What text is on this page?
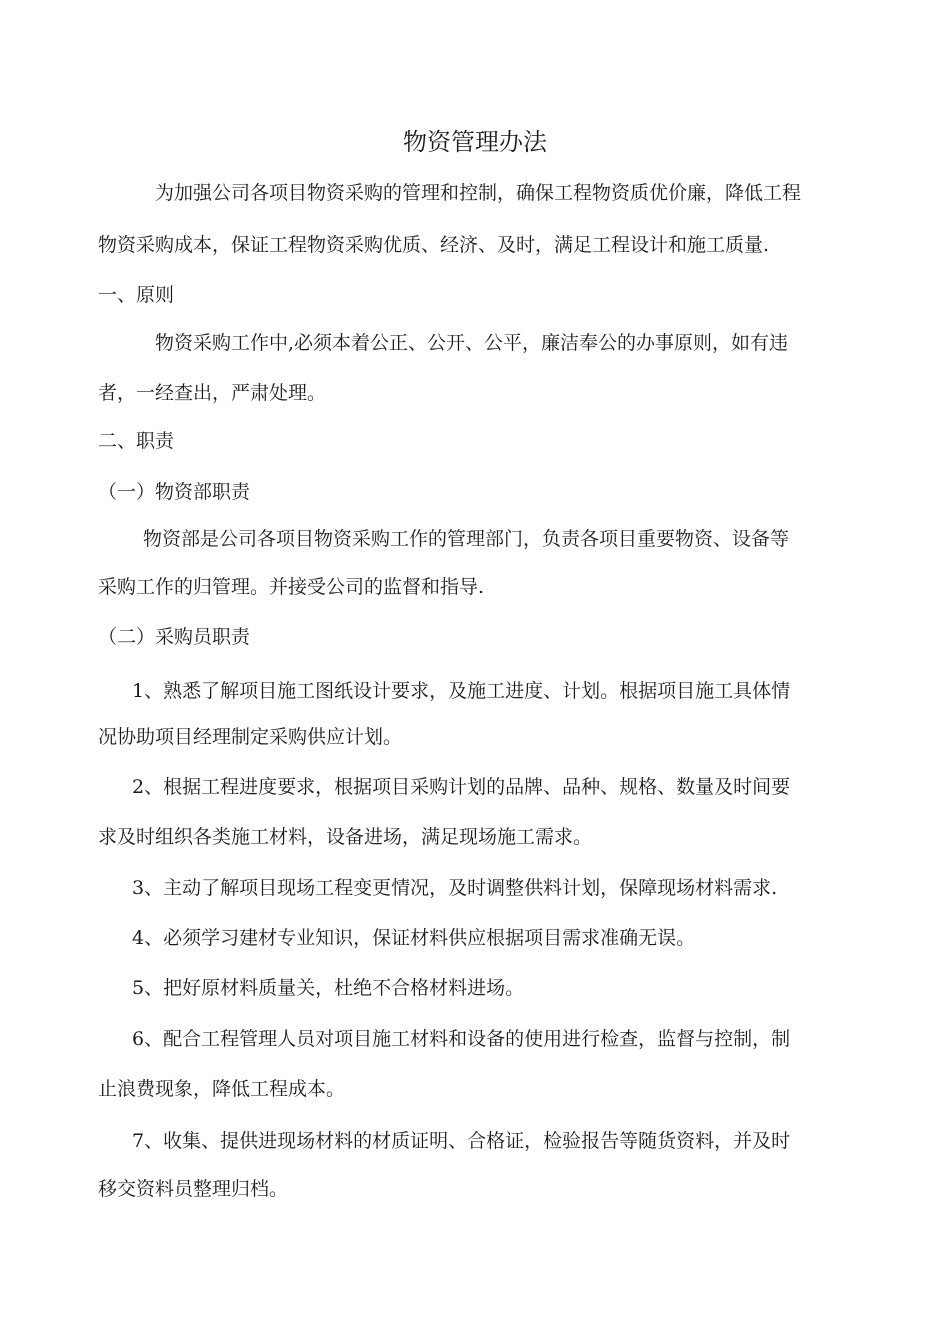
物资管理办法
为加强公司各项目物资采购的管理和控制，确保工程物资质优价廉，降低工程
物资采购成本，保证工程物资采购优质、经济、及时，满足工程设计和施工质量.
一、原则
物资采购工作中,必须本着公正、公开、公平，廉洁奉公的办事原则，如有违
者，一经查出，严肃处理。
二、职责
（一）物资部职责
物资部是公司各项目物资采购工作的管理部门，负责各项目重要物资、设备等
采购工作的归管理。并接受公司的监督和指导.
（二）采购员职责
1、熟悉了解项目施工图纸设计要求，及施工进度、计划。根据项目施工具体情
况协助项目经理制定采购供应计划。
2、根据工程进度要求，根据项目采购计划的品牌、品种、规格、数量及时间要
求及时组织各类施工材料，设备进场，满足现场施工需求。
3、主动了解项目现场工程变更情况，及时调整供料计划，保障现场材料需求.
4、必须学习建材专业知识，保证材料供应根据项目需求准确无误。
5、把好原材料质量关，杜绝不合格材料进场。
6、配合工程管理人员对项目施工材料和设备的使用进行检查，监督与控制，制
止浪费现象，降低工程成本。
7、收集、提供进现场材料的材质证明、合格证，检验报告等随货资料，并及时
移交资料员整理归档。
